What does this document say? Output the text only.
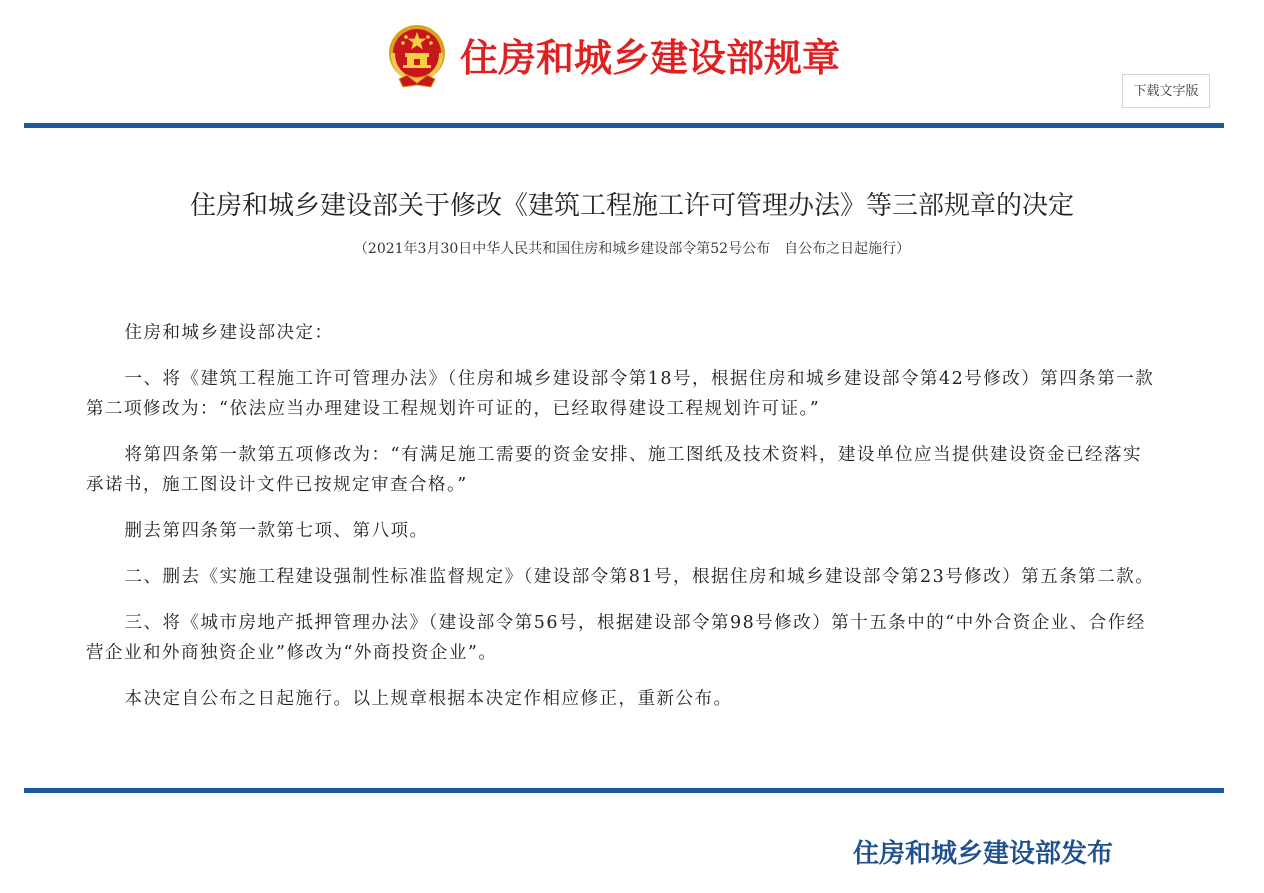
住房和城乡建设部规章
下载文字版
住房和城乡建设部关于修改《建筑工程施工许可管理办法》等三部规章的决定
（2021年3月30日中华人民共和国住房和城乡建设部令第52号公布　自公布之日起施行）

住房和城乡建设部决定：

一、将《建筑工程施工许可管理办法》（住房和城乡建设部令第18号，根据住房和城乡建设部令第42号修改）第四条第一款第二项修改为：“依法应当办理建设工程规划许可证的，已经取得建设工程规划许可证。”

将第四条第一款第五项修改为：“有满足施工需要的资金安排、施工图纸及技术资料，建设单位应当提供建设资金已经落实承诺书，施工图设计文件已按规定审查合格。”

删去第四条第一款第七项、第八项。

二、删去《实施工程建设强制性标准监督规定》（建设部令第81号，根据住房和城乡建设部令第23号修改）第五条第二款。

三、将《城市房地产抵押管理办法》（建设部令第56号，根据建设部令第98号修改）第十五条中的“中外合资企业、合作经营企业和外商独资企业”修改为“外商投资企业”。

本决定自公布之日起施行。以上规章根据本决定作相应修正，重新公布。

住房和城乡建设部发布
